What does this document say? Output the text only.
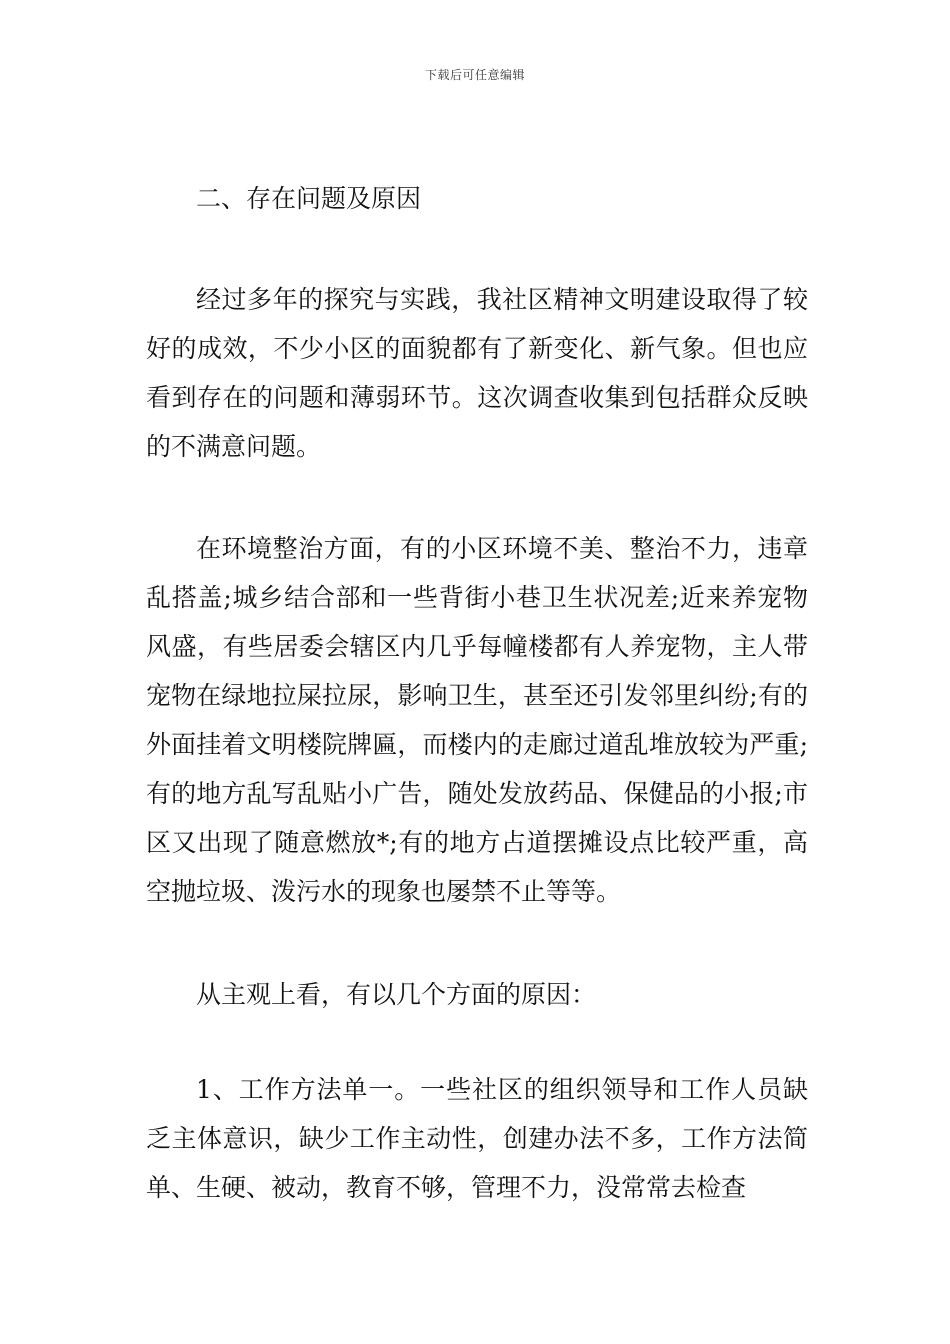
下载后可任意编辑
二、存在问题及原因

经过多年的探究与实践，我社区精神文明建设取得了较好的成效，不少小区的面貌都有了新变化、新气象。但也应看到存在的问题和薄弱环节。这次调查收集到包括群众反映的不满意问题。

在环境整治方面，有的小区环境不美、整治不力，违章乱搭盖;城乡结合部和一些背街小巷卫生状况差;近来养宠物风盛，有些居委会辖区内几乎每幢楼都有人养宠物，主人带宠物在绿地拉屎拉尿，影响卫生，甚至还引发邻里纠纷;有的外面挂着文明楼院牌匾，而楼内的走廊过道乱堆放较为严重;有的地方乱写乱贴小广告，随处发放药品、保健品的小报;市区又出现了随意燃放*;有的地方占道摆摊设点比较严重，高空抛垃圾、泼污水的现象也屡禁不止等等。

从主观上看，有以几个方面的原因：

1、工作方法单一。一些社区的组织领导和工作人员缺乏主体意识，缺少工作主动性，创建办法不多，工作方法简单、生硬、被动，教育不够，管理不力，没常常去检查
